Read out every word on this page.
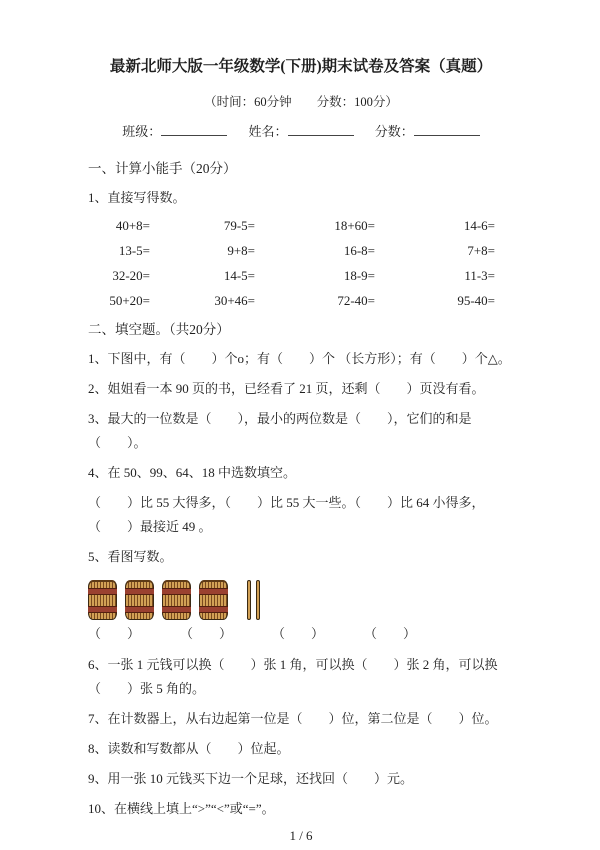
最新北师大版一年级数学(下册)期末试卷及答案（真题）

（时间：60分钟　　分数：100分）

班级：	姓名：	分数：

一、计算小能手（20分）

1、直接写得数。

40+8=	79-5=	18+60=	14-6=
13-5=	9+8=	16-8=	7+8=
32-20=	14-5=	18-9=	11-3=
50+20=	30+46=	72-40=	95-40=

二、填空题。（共20分）

1、下图中，有（　　）个o；有（　　）个 （长方形）；有（　　）个△。

2、姐姐看一本 90 页的书，已经看了 21 页，还剩（　　）页没有看。

3、最大的一位数是（　　），最小的两位数是（　　），它们的和是（　　）。

4、在 50、99、64、18 中选数填空。

（　　）比 55 大得多，（　　）比 55 大一些。（　　）比 64 小得多，（　　）最接近 49 。

5、看图写数。

（　　）	（　　）	（　　）	（　　）

6、一张 1 元钱可以换（　　）张 1 角，可以换（　　）张 2 角，可以换（　　）张 5 角的。

7、在计数器上，从右边起第一位是（　　）位，第二位是（　　）位。

8、读数和写数都从（　　）位起。

9、用一张 10 元钱买下边一个足球，还找回（　　）元。

10、在横线上填上“>”“<”或“=”。

1 / 6
